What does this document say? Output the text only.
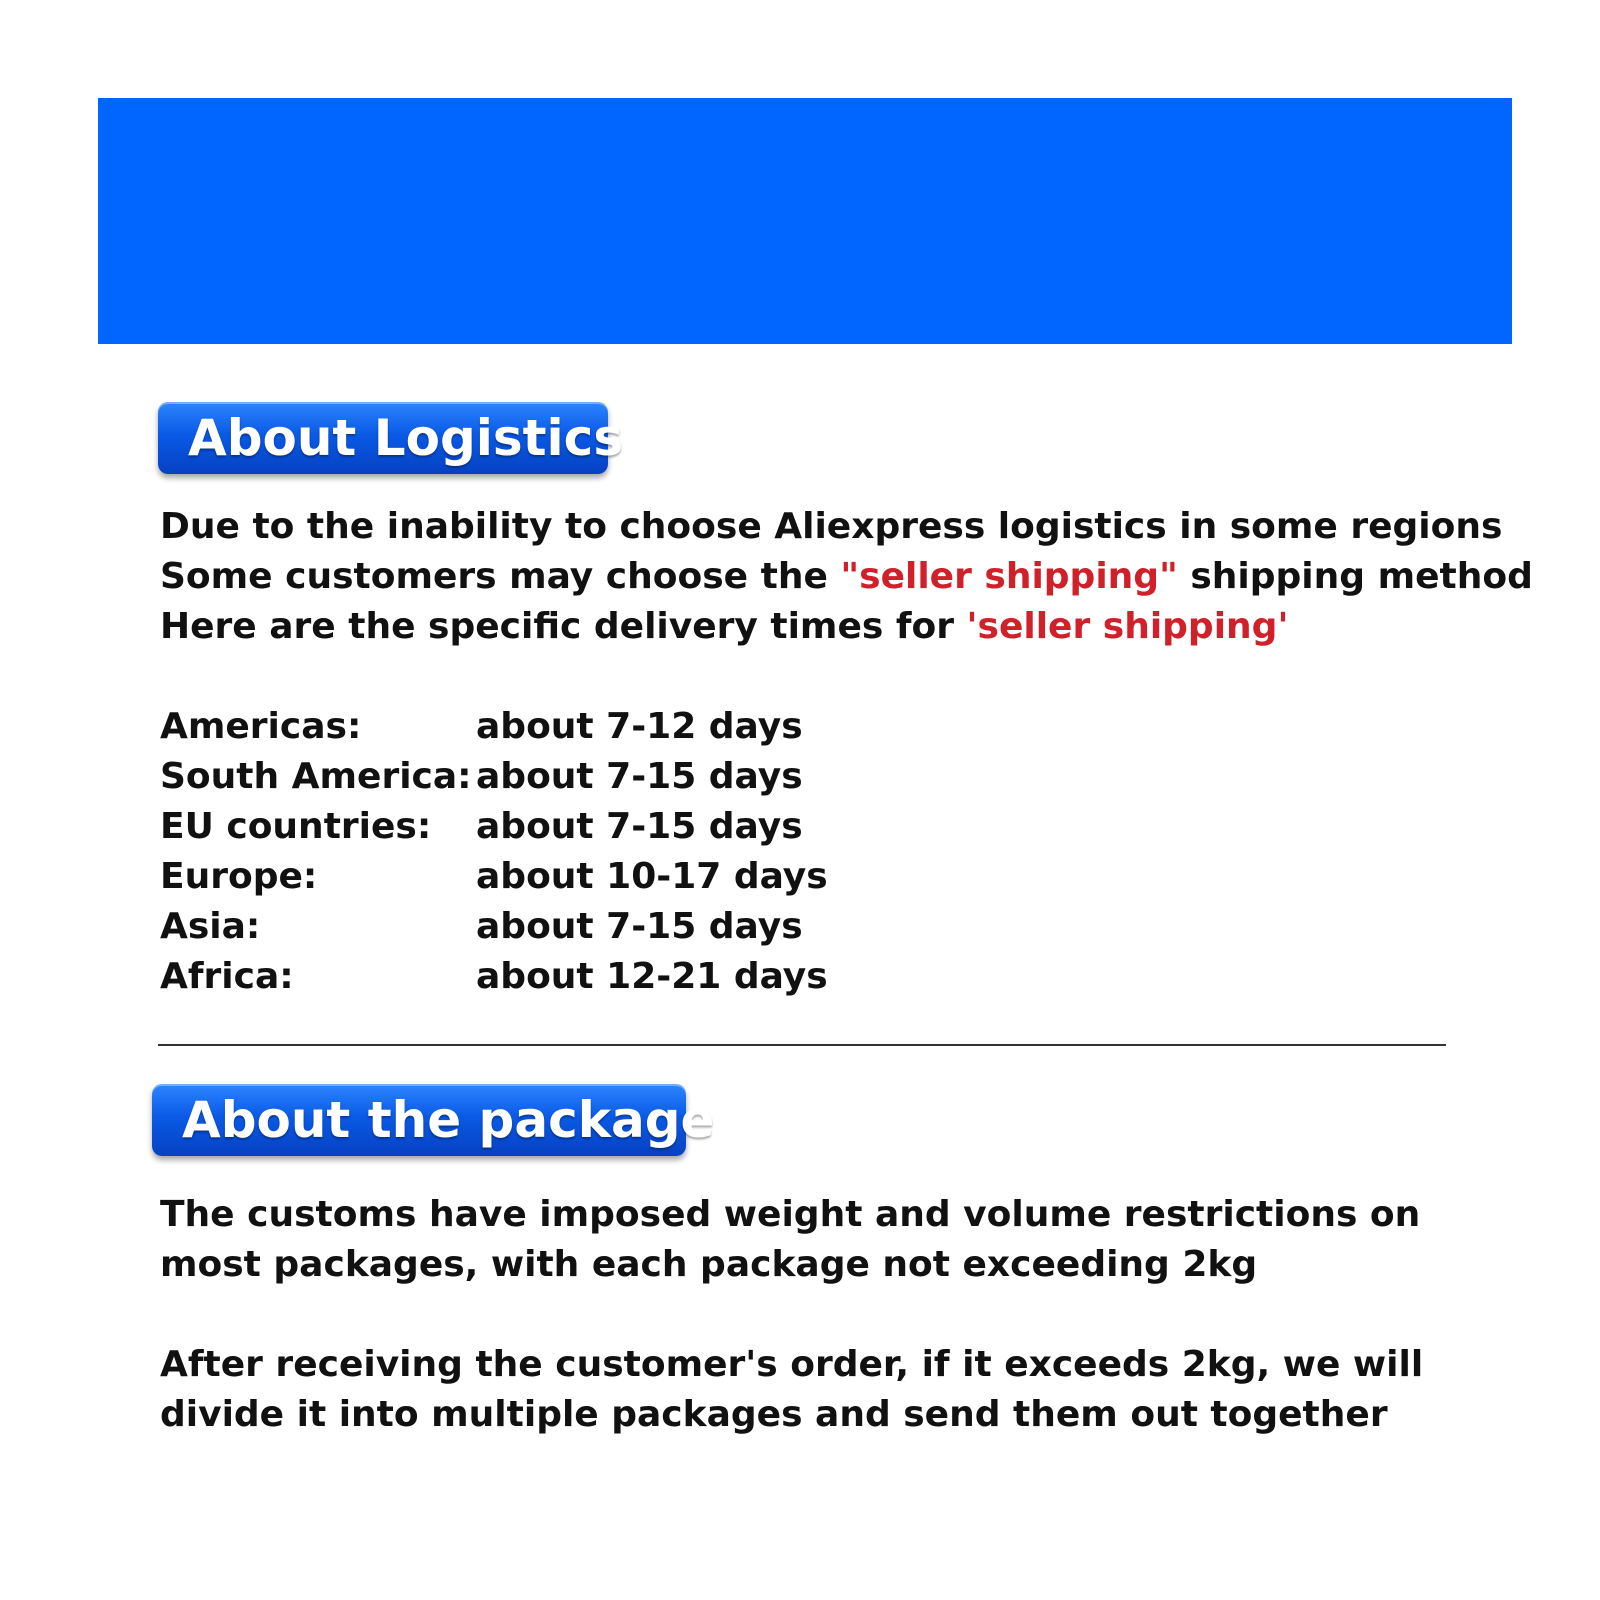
About Logistics
Due to the inability to choose Aliexpress logistics in some regions
Some customers may choose the "seller shipping" shipping method
Here are the specific delivery times for 'seller shipping'
Americas:	about 7-12 days
South America: about 7-15 days
EU countries: about 7-15 days
Europe:	about 10-17 days
Asia:	about 7-15 days
Africa:	about 12-21 days
About the package
The customs have imposed weight and volume restrictions on
most packages, with each package not exceeding 2kg
After receiving the customer's order, if it exceeds 2kg, we will
divide it into multiple packages and send them out together
